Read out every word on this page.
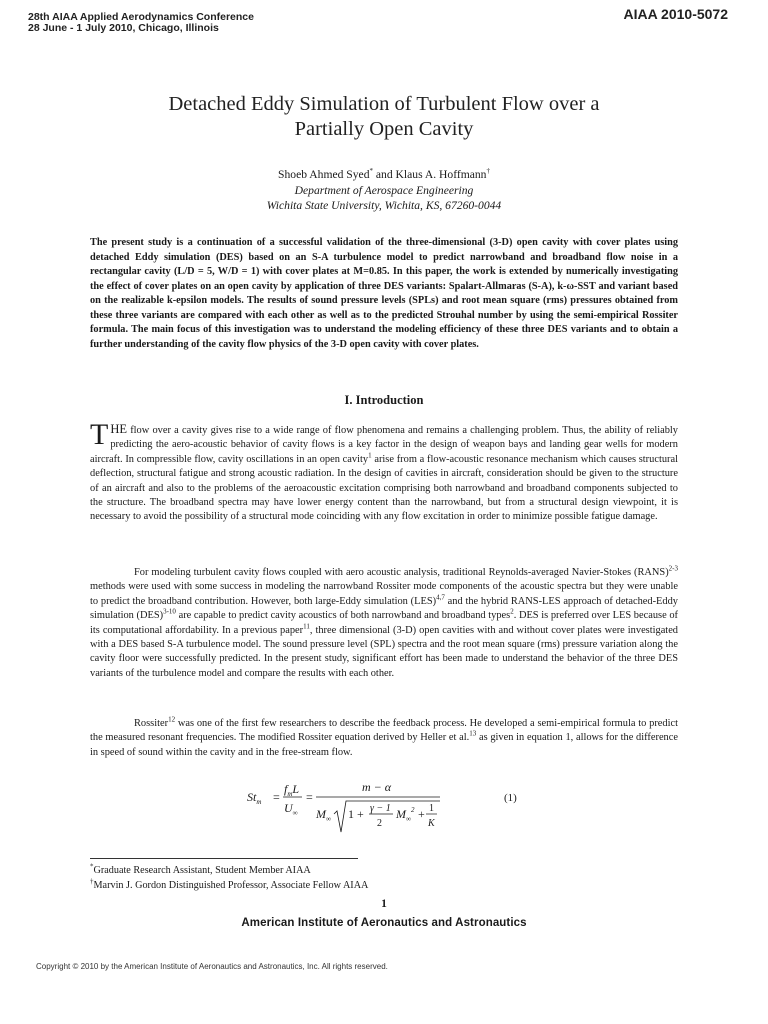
28th AIAA Applied Aerodynamics Conference
28 June - 1 July 2010, Chicago, Illinois
AIAA 2010-5072
Detached Eddy Simulation of Turbulent Flow over a
Partially Open Cavity
Shoeb Ahmed Syed* and Klaus A. Hoffmann†
Department of Aerospace Engineering
Wichita State University, Wichita, KS, 67260-0044
The present study is a continuation of a successful validation of the three-dimensional (3-D) open cavity with cover plates using detached Eddy simulation (DES) based on an S-A turbulence model to predict narrowband and broadband flow noise in a rectangular cavity (L/D = 5, W/D = 1) with cover plates at M=0.85. In this paper, the work is extended by numerically investigating the effect of cover plates on an open cavity by application of three DES variants: Spalart-Allmaras (S-A), k-ω-SST and variant based on the realizable k-epsilon models. The results of sound pressure levels (SPLs) and root mean square (rms) pressures obtained from these three variants are compared with each other as well as to the predicted Strouhal number by using the semi-empirical Rossiter formula. The main focus of this investigation was to understand the modeling efficiency of these three DES variants and to obtain a further understanding of the cavity flow physics of the 3-D open cavity with cover plates.
I. Introduction
THE flow over a cavity gives rise to a wide range of flow phenomena and remains a challenging problem. Thus, the ability of reliably predicting the aero-acoustic behavior of cavity flows is a key factor in the design of weapon bays and landing gear wells for modern aircraft. In compressible flow, cavity oscillations in an open cavity$^1$ arise from a flow-acoustic resonance mechanism which causes structural deflection, structural fatigue and strong acoustic radiation. In the design of cavities in aircraft, consideration should be given to the structure of an aircraft and also to the problems of the aeroacoustic excitation comprising both narrowband and broadband components subjected to the structure. The broadband spectra may have lower energy content than the narrowband, but from a structural design viewpoint, it is necessary to avoid the possibility of a structural mode coinciding with any flow excitation in order to minimize possible fatigue damage.
For modeling turbulent cavity flows coupled with aero acoustic analysis, traditional Reynolds-averaged Navier-Stokes (RANS)$^{2-3}$ methods were used with some success in modeling the narrowband Rossiter mode components of the acoustic spectra but they were unable to predict the broadband contribution. However, both large-Eddy simulation (LES)$^{4,7}$ and the hybrid RANS-LES approach of detached-Eddy simulation (DES)$^{3-10}$ are capable to predict cavity acoustics of both narrowband and broadband types$^2$. DES is preferred over LES because of its computational affordability. In a previous paper$^{11}$, three dimensional (3-D) open cavities with and without cover plates were investigated with a DES based S-A turbulence model. The sound pressure level (SPL) spectra and the root mean square (rms) pressure variation along the cavity floor were successfully predicted. In the present study, significant effort has been made to understand the behavior of the three DES variants of the turbulence model and compare the results with each other.
Rossiter$^{12}$ was one of the first few researchers to describe the feedback process. He developed a semi-empirical formula to predict the measured resonant frequencies. The modified Rossiter equation derived by Heller et al.$^{13}$ as given in equation 1, allows for the difference in speed of sound within the cavity and in the free-stream flow.
$St_m$ =
$f_mL$
$U_\infty$
=
m − α
$M_\infty$ 1 + γ − 1
2
$M_\infty^2 + 1$
K
(1)
*Graduate Research Assistant, Student Member AIAA
†Marvin J. Gordon Distinguished Professor, Associate Fellow AIAA
1
American Institute of Aeronautics and Astronautics
Copyright © 2010 by the American Institute of Aeronautics and Astronautics, Inc. All rights reserved.
